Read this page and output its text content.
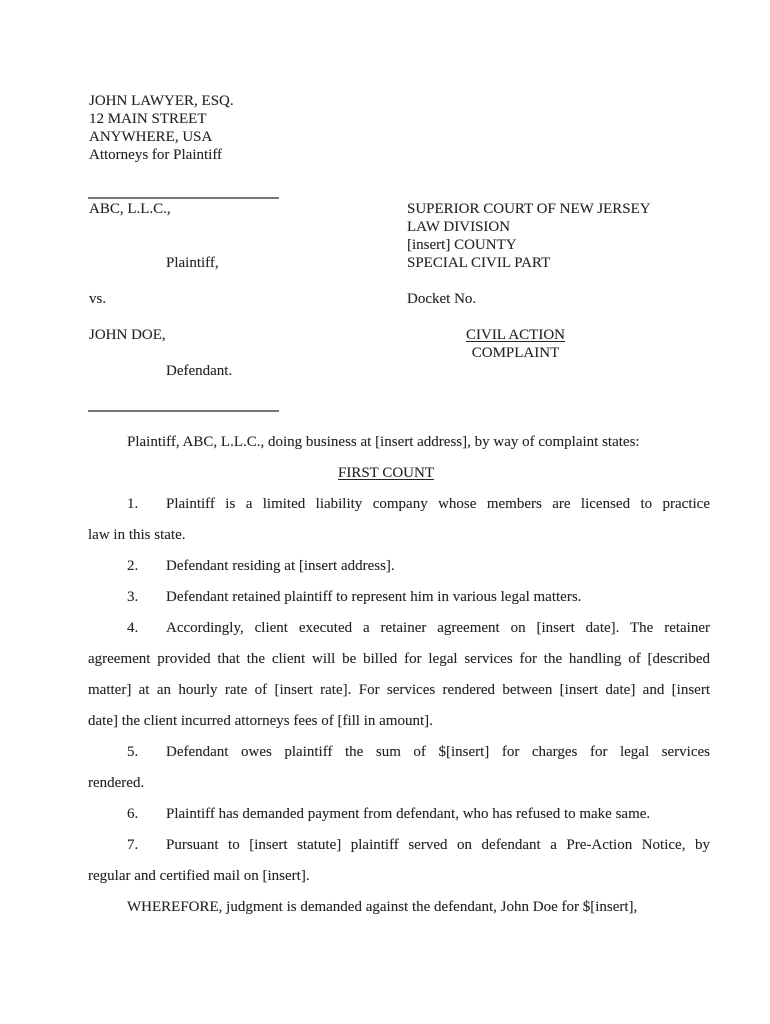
JOHN LAWYER, ESQ.
12 MAIN STREET
ANYWHERE, USA
Attorneys for Plaintiff
ABC, L.L.C.,
Plaintiff,
vs.
JOHN DOE,
Defendant.
SUPERIOR COURT OF NEW JERSEY
LAW DIVISION
[insert] COUNTY
SPECIAL CIVIL PART
Docket No.
CIVIL ACTION
COMPLAINT
Plaintiff, ABC, L.L.C., doing business at [insert address], by way of complaint states:
FIRST COUNT
1. Plaintiff is a limited liability company whose members are licensed to practice
law in this state.
2. Defendant residing at [insert address].
3. Defendant retained plaintiff to represent him in various legal matters.
4. Accordingly, client executed a retainer agreement on [insert date]. The retainer
agreement provided that the client will be billed for legal services for the handling of [described
matter] at an hourly rate of [insert rate]. For services rendered between [insert date] and [insert
date] the client incurred attorneys fees of [fill in amount].
5. Defendant owes plaintiff the sum of $[insert] for charges for legal services
rendered.
6. Plaintiff has demanded payment from defendant, who has refused to make same.
7. Pursuant to [insert statute] plaintiff served on defendant a Pre-Action Notice, by
regular and certified mail on [insert].
WHEREFORE, judgment is demanded against the defendant, John Doe for $[insert],
